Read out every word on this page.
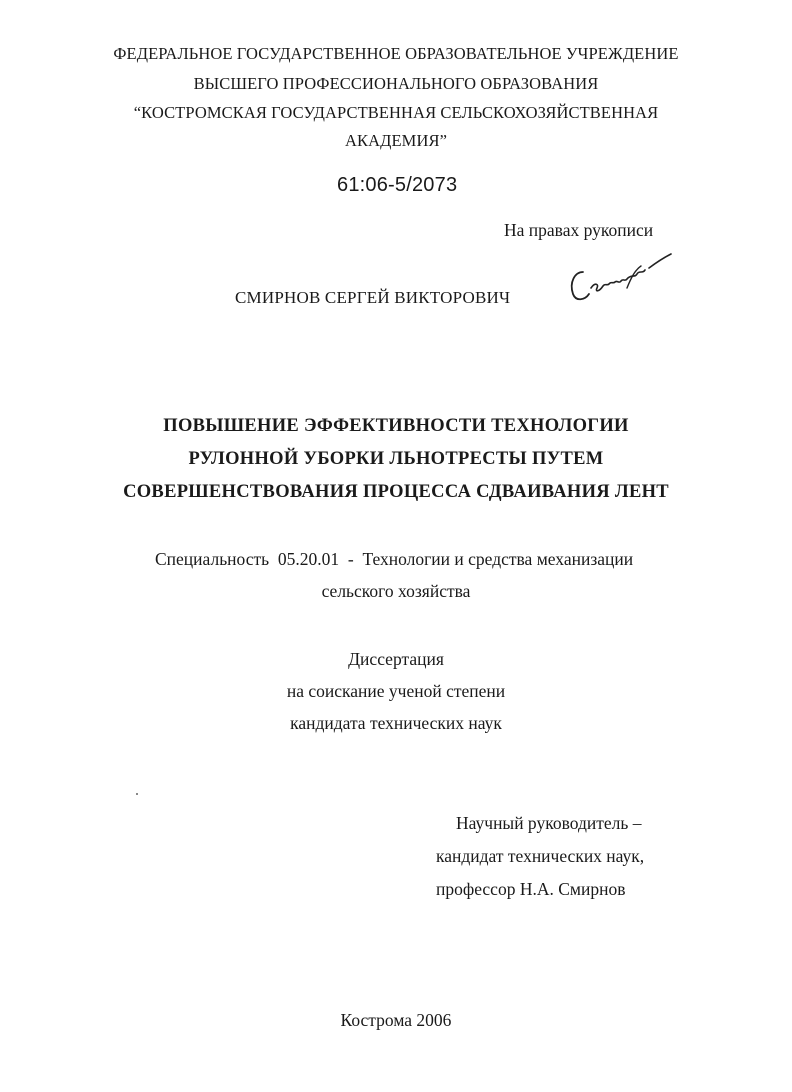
ФЕДЕРАЛЬНОЕ ГОСУДАРСТВЕННОЕ ОБРАЗОВАТЕЛЬНОЕ УЧРЕЖДЕНИЕ
ВЫСШЕГО ПРОФЕССИОНАЛЬНОГО ОБРАЗОВАНИЯ
“КОСТРОМСКАЯ ГОСУДАРСТВЕННАЯ СЕЛЬСКОХОЗЯЙСТВЕННАЯ
АКАДЕМИЯ”
61:06-5/2073
На правах рукописи
СМИРНОВ СЕРГЕЙ ВИКТОРОВИЧ
ПОВЫШЕНИЕ ЭФФЕКТИВНОСТИ ТЕХНОЛОГИИ
РУЛОННОЙ УБОРКИ ЛЬНОТРЕСТЫ ПУТЕМ
СОВЕРШЕНСТВОВАНИЯ ПРОЦЕССА СДВАИВАНИЯ ЛЕНТ
Специальность  05.20.01  -  Технологии и средства механизации
сельского хозяйства
Диссертация
на соискание ученой степени
кандидата технических наук
Научный руководитель –
кандидат технических наук,
профессор Н.А. Смирнов
Кострома 2006
